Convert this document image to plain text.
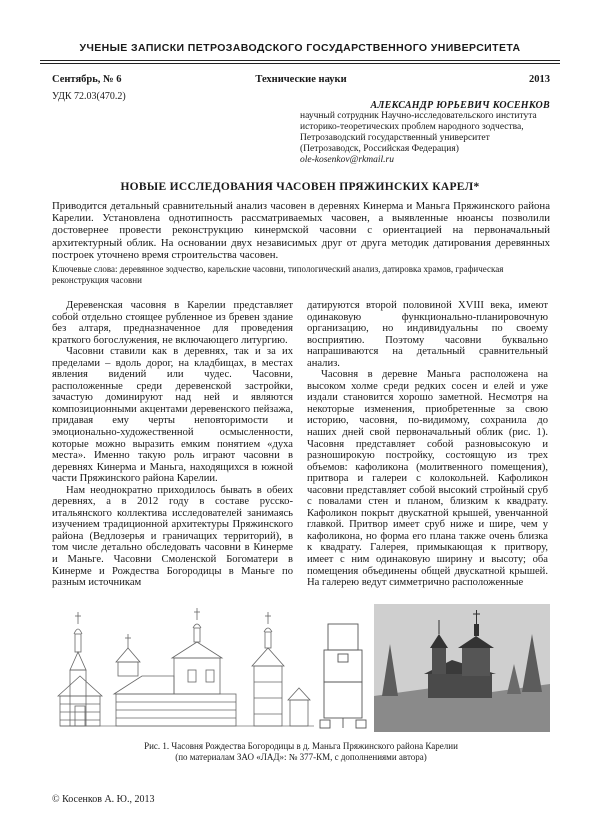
УЧЕНЫЕ ЗАПИСКИ ПЕТРОЗАВОДСКОГО ГОСУДАРСТВЕННОГО УНИВЕРСИТЕТА
Сентябрь, № 6	Технические науки	2013
УДК 72.03(470.2)
АЛЕКСАНДР ЮРЬЕВИЧ КОСЕНКОВ
научный сотрудник Научно-исследовательского института историко-теоретических проблем народного зодчества, Петрозаводский государственный университет (Петрозаводск, Российская Федерация)
ole-kosenkov@rkmail.ru
НОВЫЕ ИССЛЕДОВАНИЯ ЧАСОВЕН ПРЯЖИНСКИХ КАРЕЛ*
Приводится детальный сравнительный анализ часовен в деревнях Кинерма и Маньга Пряжинского района Карелии. Установлена однотипность рассматриваемых часовен, а выявленные нюансы позволили достовернее провести реконструкцию кинермской часовни с ориентацией на первоначальный архитектурный облик. На основании двух независимых друг от друга методик датирования деревянных построек уточнено время строительства часовен.
Ключевые слова: деревянное зодчество, карельские часовни, типологический анализ, датировка храмов, графическая реконструкция часовни

Деревенская часовня в Карелии представляет собой отдельно стоящее рубленное из бревен здание без алтаря, предназначенное для проведения краткого богослужения, не включающего литургию.

Часовни ставили как в деревнях, так и за их пределами – вдоль дорог, на кладбищах, в местах явления видений или чудес. Часовни, расположенные среди деревенской застройки, зачастую доминируют над ней и являются композиционными акцентами деревенского пейзажа, придавая ему черты неповторимости и эмоционально-художественной осмысленности, которые можно выразить емким понятием «духа места». Именно такую роль играют часовни в деревнях Кинерма и Маньга, находящихся в южной части Пряжинского района Карелии.

Нам неоднократно приходилось бывать в обеих деревнях, а в 2012 году в составе русско-итальянского коллектива исследователей занимаясь изучением традиционной архитектуры Пряжинского района (Ведлозерья и граничащих территорий), в том числе детально обследовать часовни в Кинерме и Маньге. Часовни Смоленской Богоматери в Кинерме и Рождества Богородицы в Маньге по разным источникам

датируются второй половиной XVIII века, имеют одинаковую функционально-планировочную организацию, но индивидуальны по своему восприятию. Поэтому часовни буквально напрашиваются на детальный сравнительный анализ.

Часовня в деревне Маньга расположена на высоком холме среди редких сосен и елей и уже издали становится хорошо заметной. Несмотря на некоторые изменения, приобретенные за свою историю, часовня, по-видимому, сохранила до наших дней свой первоначальный облик (рис. 1). Часовня представляет собой разновысокую и разноширокую постройку, состоящую из трех объемов: кафоликона (молитвенного помещения), притвора и галереи с колокольней. Кафоликон часовни представляет собой высокий стройный сруб с повалами стен и планом, близким к квадрату. Кафоликон покрыт двускатной крышей, увенчанной главкой. Притвор имеет сруб ниже и шире, чем у кафоликона, но форма его плана также очень близка к квадрату. Галерея, примыкающая к притвору, имеет с ним одинаковую ширину и высоту; оба помещения объединены общей двускатной крышей. На галерею ведут симметрично расположенные

Рис. 1. Часовня Рождества Богородицы в д. Маньга Пряжинского района Карелии
(по материалам ЗАО «ЛАД»: № 377-КМ, с дополнениями автора)
© Косенков А. Ю., 2013
